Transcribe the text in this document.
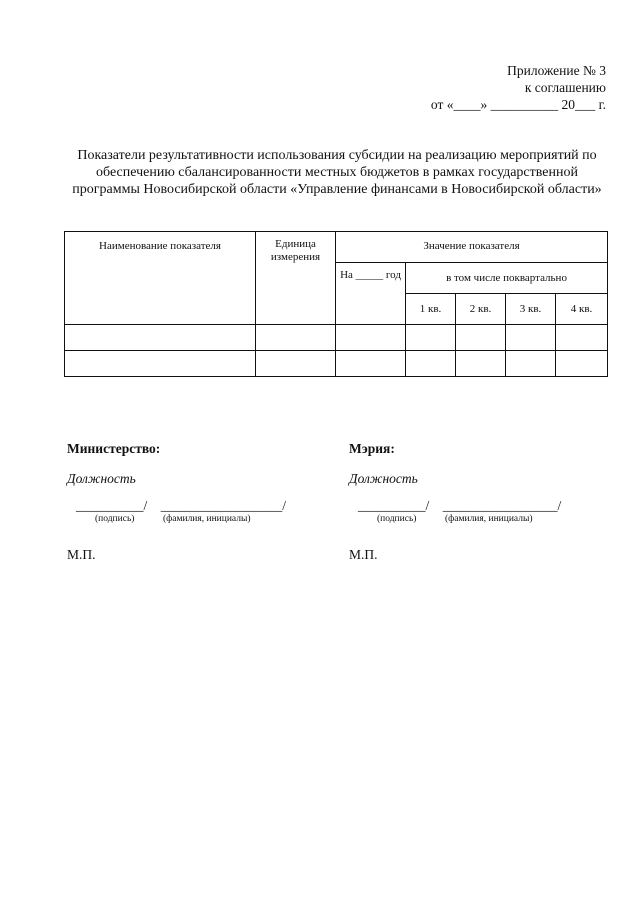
Приложение № 3
к соглашению
от «____» __________ 20___ г.
Показатели результативности использования субсидии на реализацию мероприятий по обеспечению сбалансированности местных бюджетов в рамках государственной программы Новосибирской области «Управление финансами в Новосибирской области»
Наименование показателя	Единица измерения	Значение показателя				
		На _____ год	в том числе поквартально			
			1 кв.	2 кв.	3 кв.	4 кв.

Министерство:
Должность
__________/    __________________/
(подпись)            (фамилия, инициалы)
М.П.
Мэрия:
Должность
__________/    _________________/
(подпись)            (фамилия, инициалы)
М.П.
